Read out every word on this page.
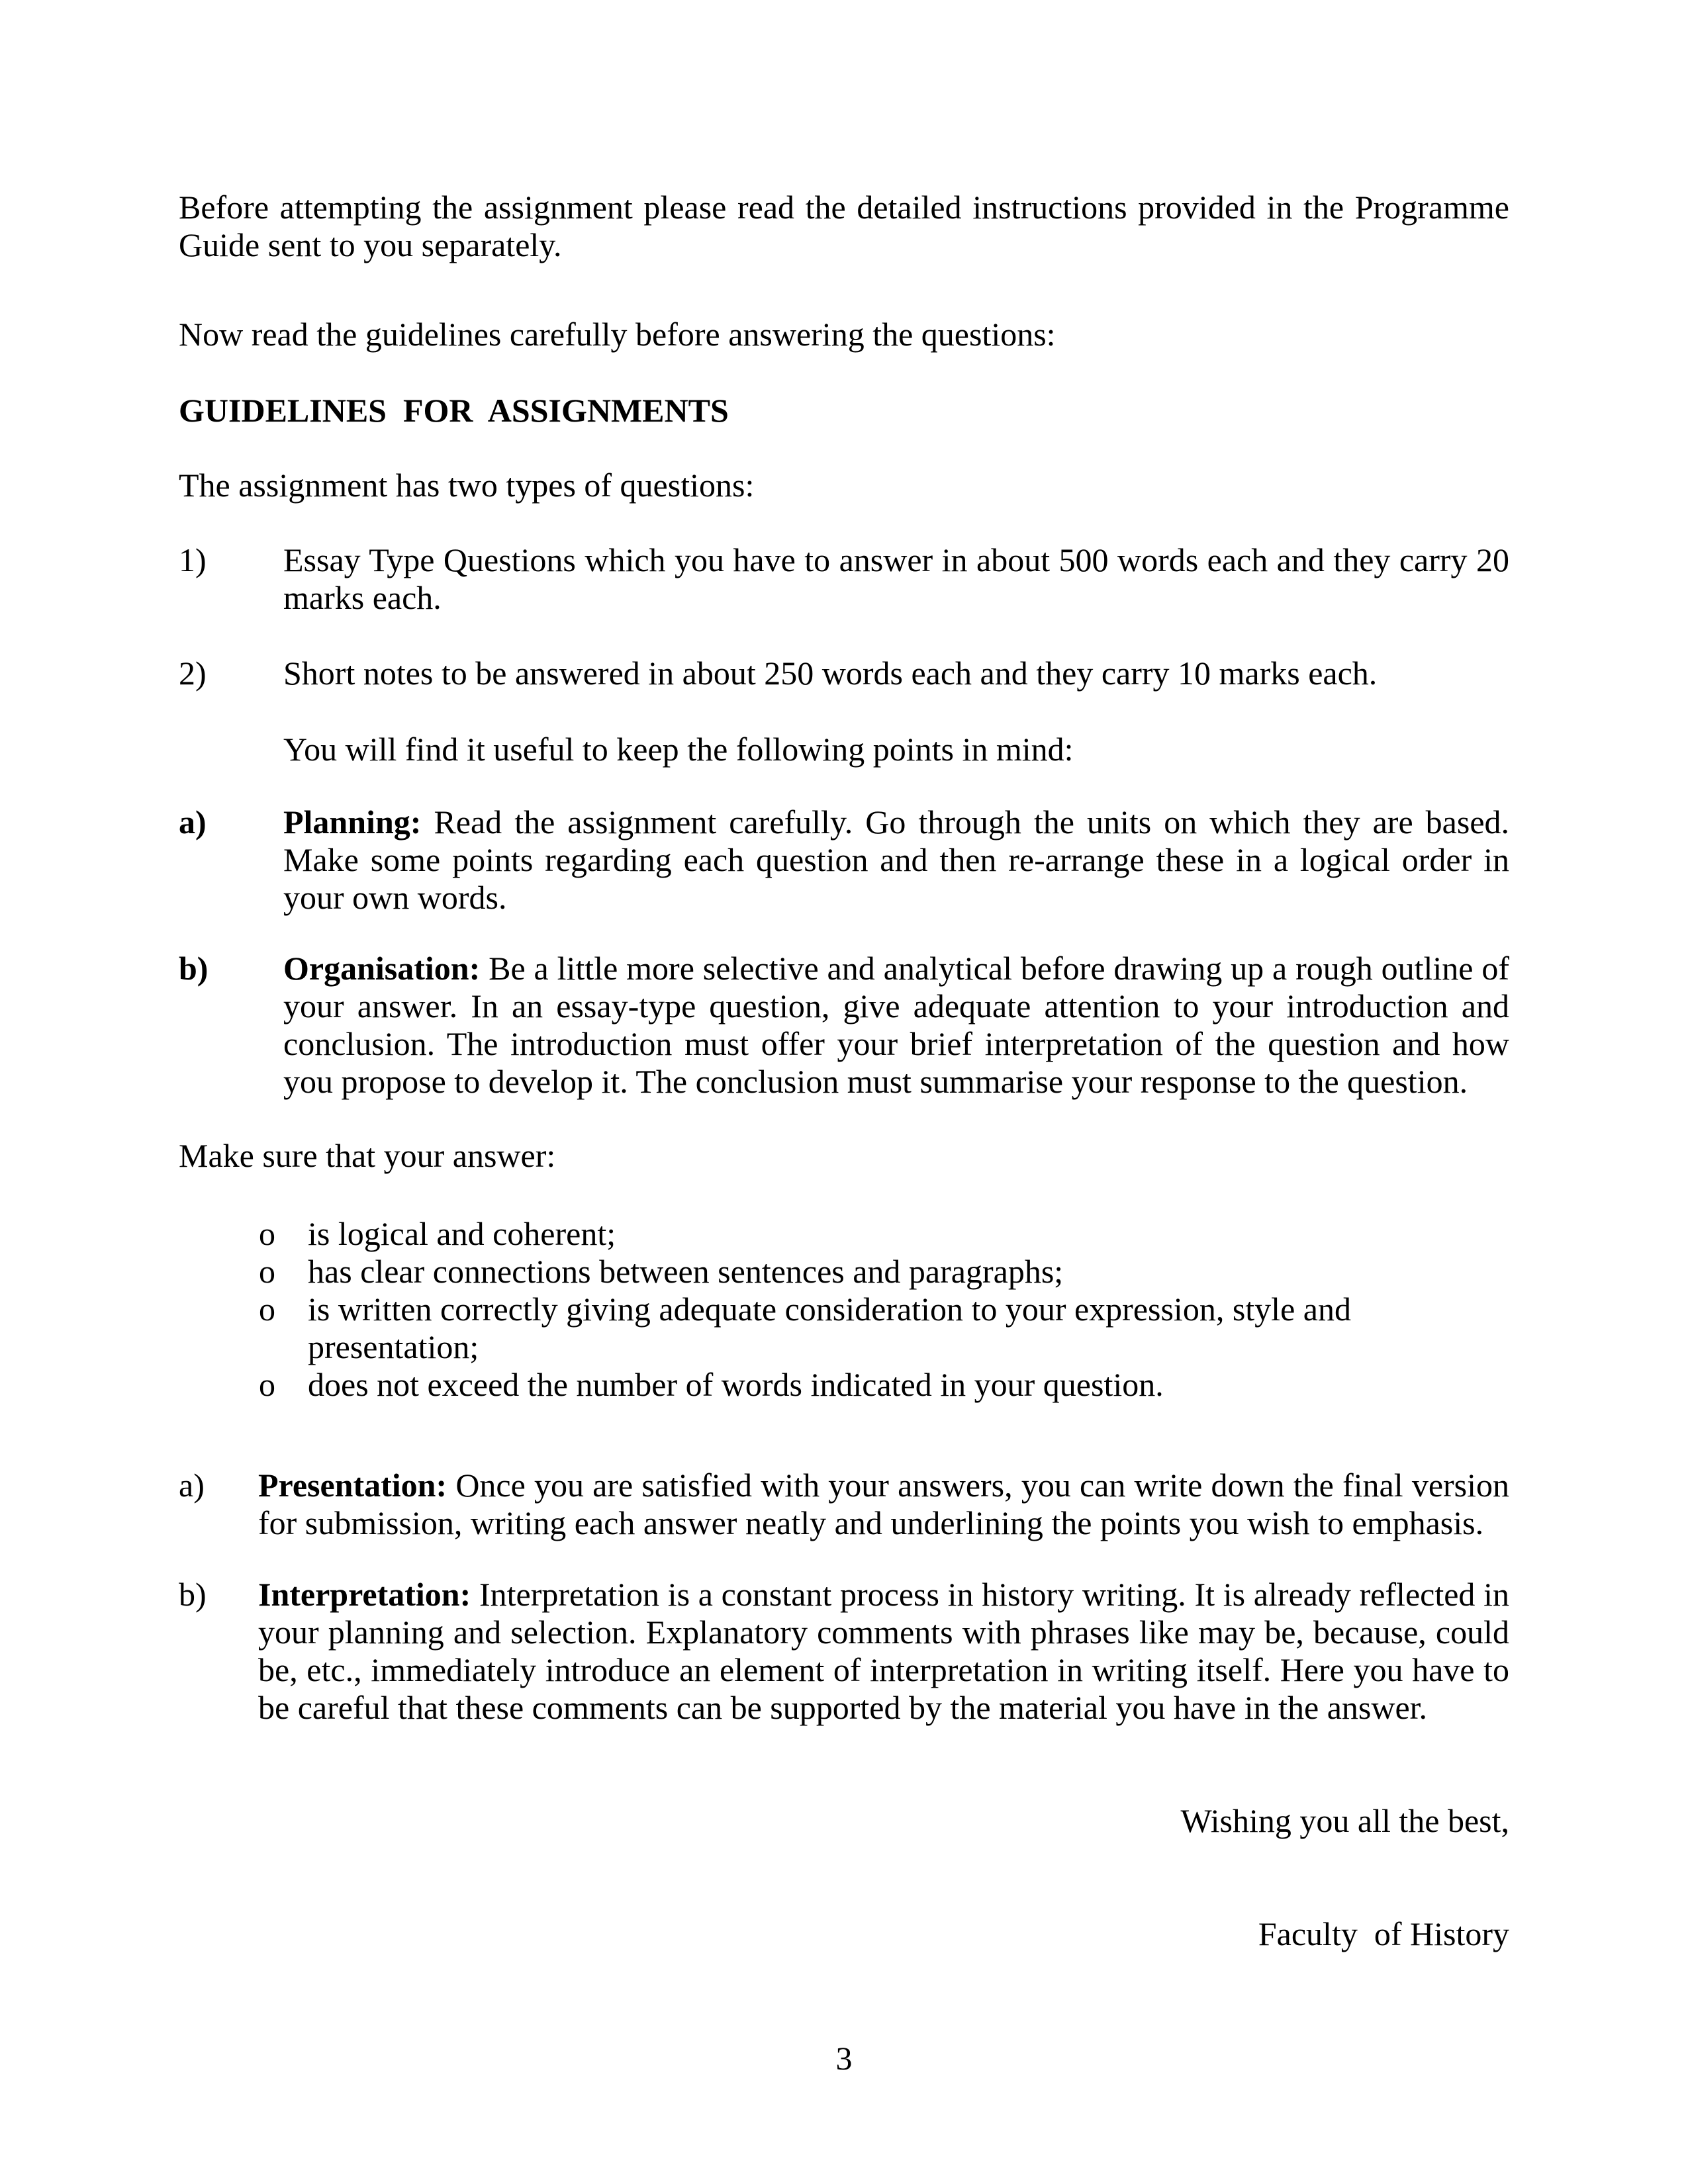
Before attempting the assignment please read the detailed instructions provided in the Programme Guide sent to you separately.

Now read the guidelines carefully before answering the questions:

GUIDELINES  FOR  ASSIGNMENTS

The assignment has two types of questions:

1)	Essay Type Questions which you have to answer in about 500 words each and they carry 20 marks each.
2)	Short notes to be answered in about 250 words each and they carry 10 marks each.

You will find it useful to keep the following points in mind:

a)	Planning: Read the assignment carefully. Go through the units on which they are based. Make some points regarding each question and then re-arrange these in a logical order in your own words.
b)	Organisation: Be a little more selective and analytical before drawing up a rough outline of your answer. In an essay-type question, give adequate attention to your introduction and conclusion. The introduction must offer your brief interpretation of the question and how you propose to develop it. The conclusion must summarise your response to the question.

Make sure that your answer:

o is logical and coherent;
o has clear connections between sentences and paragraphs;
o is written correctly giving adequate consideration to your expression, style and presentation;
o does not exceed the number of words indicated in your question.
a)	Presentation: Once you are satisfied with your answers, you can write down the final version for submission, writing each answer neatly and underlining the points you wish to emphasis.
b)	Interpretation: Interpretation is a constant process in history writing. It is already reflected in your planning and selection. Explanatory comments with phrases like may be, because, could be, etc., immediately introduce an element of interpretation in writing itself. Here you have to be careful that these comments can be supported by the material you have in the answer.

Wishing you all the best,

Faculty  of History

3
